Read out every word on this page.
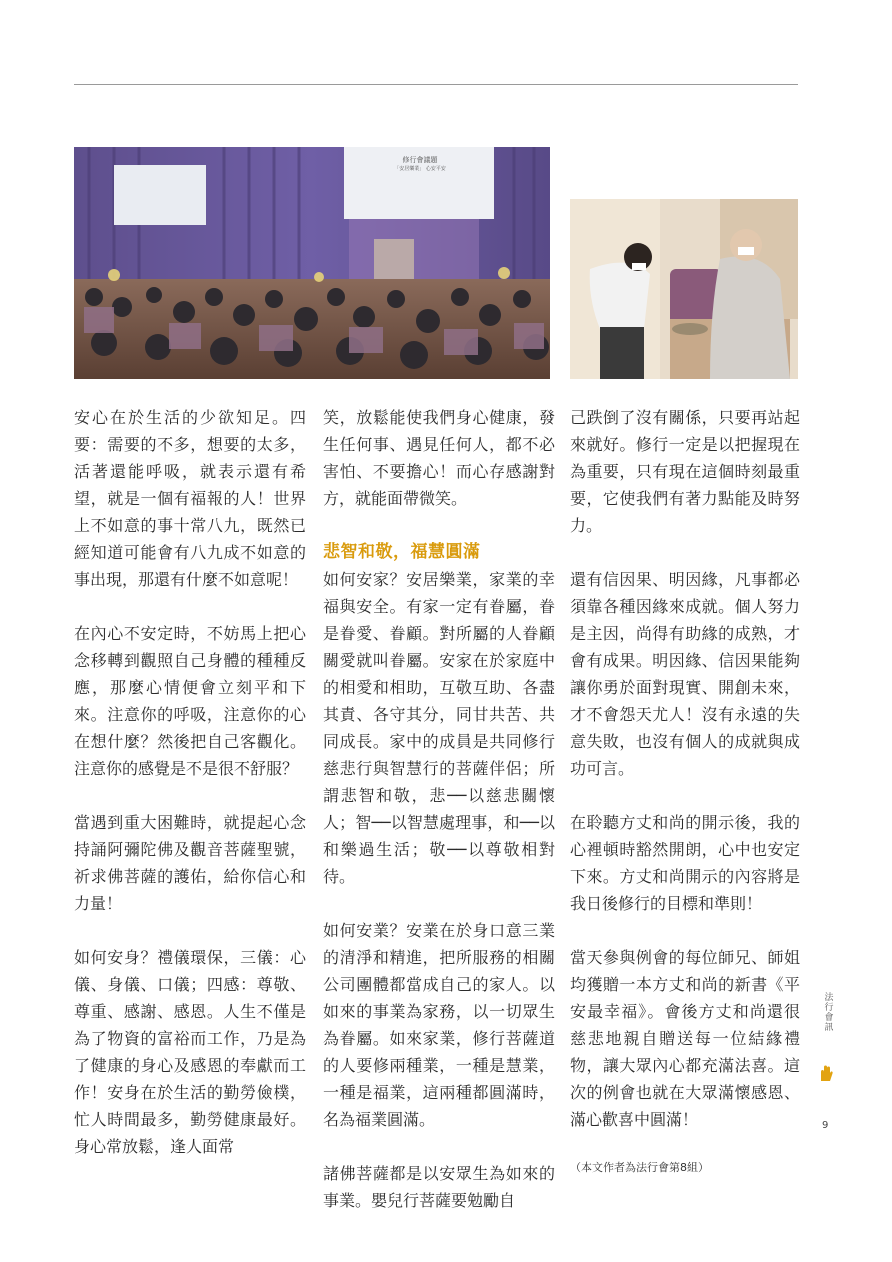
修行會議題
「安居樂業」 心安平安

安心在於生活的少欲知足。四要：需要的不多，想要的太多，活著還能呼吸，就表示還有希望，就是一個有福報的人！世界上不如意的事十常八九，既然已經知道可能會有八九成不如意的事出現，那還有什麼不如意呢！

在內心不安定時，不妨馬上把心念移轉到觀照自己身體的種種反應，那麼心情便會立刻平和下來。注意你的呼吸，注意你的心在想什麼？然後把自己客觀化。注意你的感覺是不是很不舒服？

當遇到重大困難時，就提起心念持誦阿彌陀佛及觀音菩薩聖號，祈求佛菩薩的護佑，給你信心和力量！

如何安身？禮儀環保，三儀：心儀、身儀、口儀；四感：尊敬、尊重、感謝、感恩。人生不僅是為了物資的富裕而工作，乃是為了健康的身心及感恩的奉獻而工作！安身在於生活的勤勞儉樸，忙人時間最多，勤勞健康最好。身心常放鬆，逢人面常

笑，放鬆能使我們身心健康，發生任何事、遇見任何人，都不必害怕、不要擔心！而心存感謝對方，就能面帶微笑。

悲智和敬，福慧圓滿

如何安家？安居樂業，家業的幸福與安全。有家一定有眷屬，眷是眷愛、眷顧。對所屬的人眷顧關愛就叫眷屬。安家在於家庭中的相愛和相助，互敬互助、各盡其責、各守其分，同甘共苦、共同成長。家中的成員是共同修行慈悲行與智慧行的菩薩伴侶；所謂悲智和敬，悲──以慈悲關懷人；智──以智慧處理事，和──以和樂過生活；敬──以尊敬相對待。

如何安業？安業在於身口意三業的清淨和精進，把所服務的相關公司團體都當成自己的家人。以如來的事業為家務，以一切眾生為眷屬。如來家業，修行菩薩道的人要修兩種業，一種是慧業，一種是福業，這兩種都圓滿時，名為福業圓滿。

諸佛菩薩都是以安眾生為如來的事業。嬰兒行菩薩要勉勵自

己跌倒了沒有關係，只要再站起來就好。修行一定是以把握現在為重要，只有現在這個時刻最重要，它使我們有著力點能及時努力。

還有信因果、明因緣，凡事都必須靠各種因緣來成就。個人努力是主因，尚得有助緣的成熟，才會有成果。明因緣、信因果能夠讓你勇於面對現實、開創未來，才不會怨天尤人！沒有永遠的失意失敗，也沒有個人的成就與成功可言。

在聆聽方丈和尚的開示後，我的心裡頓時豁然開朗，心中也安定下來。方丈和尚開示的內容將是我日後修行的目標和準則！

當天參與例會的每位師兄、師姐均獲贈一本方丈和尚的新書《平安最幸福》。會後方丈和尚還很慈悲地親自贈送每一位結緣禮物，讓大眾內心都充滿法喜。這次的例會也就在大眾滿懷感恩、滿心歡喜中圓滿！

（本文作者為法行會第8組）

法行會訊
9
